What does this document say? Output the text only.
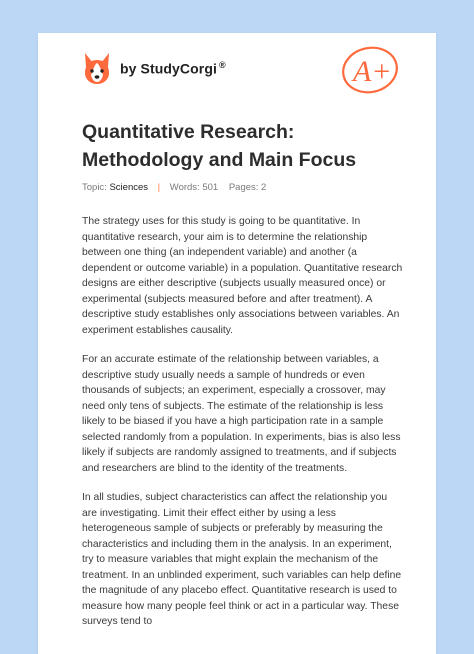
by StudyCorgi ®	A+
Quantitative Research: Methodology and Main Focus
Topic: Sciences | Words: 501 Pages: 2

The strategy uses for this study is going to be quantitative. In quantitative research, your aim is to determine the relationship between one thing (an independent variable) and another (a dependent or outcome variable) in a population. Quantitative research designs are either descriptive (subjects usually measured once) or experimental (subjects measured before and after treatment). A descriptive study establishes only associations between variables. An experiment establishes causality.

For an accurate estimate of the relationship between variables, a descriptive study usually needs a sample of hundreds or even thousands of subjects; an experiment, especially a crossover, may need only tens of subjects. The estimate of the relationship is less likely to be biased if you have a high participation rate in a sample selected randomly from a population. In experiments, bias is also less likely if subjects are randomly assigned to treatments, and if subjects and researchers are blind to the identity of the treatments.

In all studies, subject characteristics can affect the relationship you are investigating. Limit their effect either by using a less heterogeneous sample of subjects or preferably by measuring the characteristics and including them in the analysis. In an experiment, try to measure variables that might explain the mechanism of the treatment. In an unblinded experiment, such variables can help define the magnitude of any placebo effect. Quantitative research is used to measure how many people feel think or act in a particular way. These surveys tend to
